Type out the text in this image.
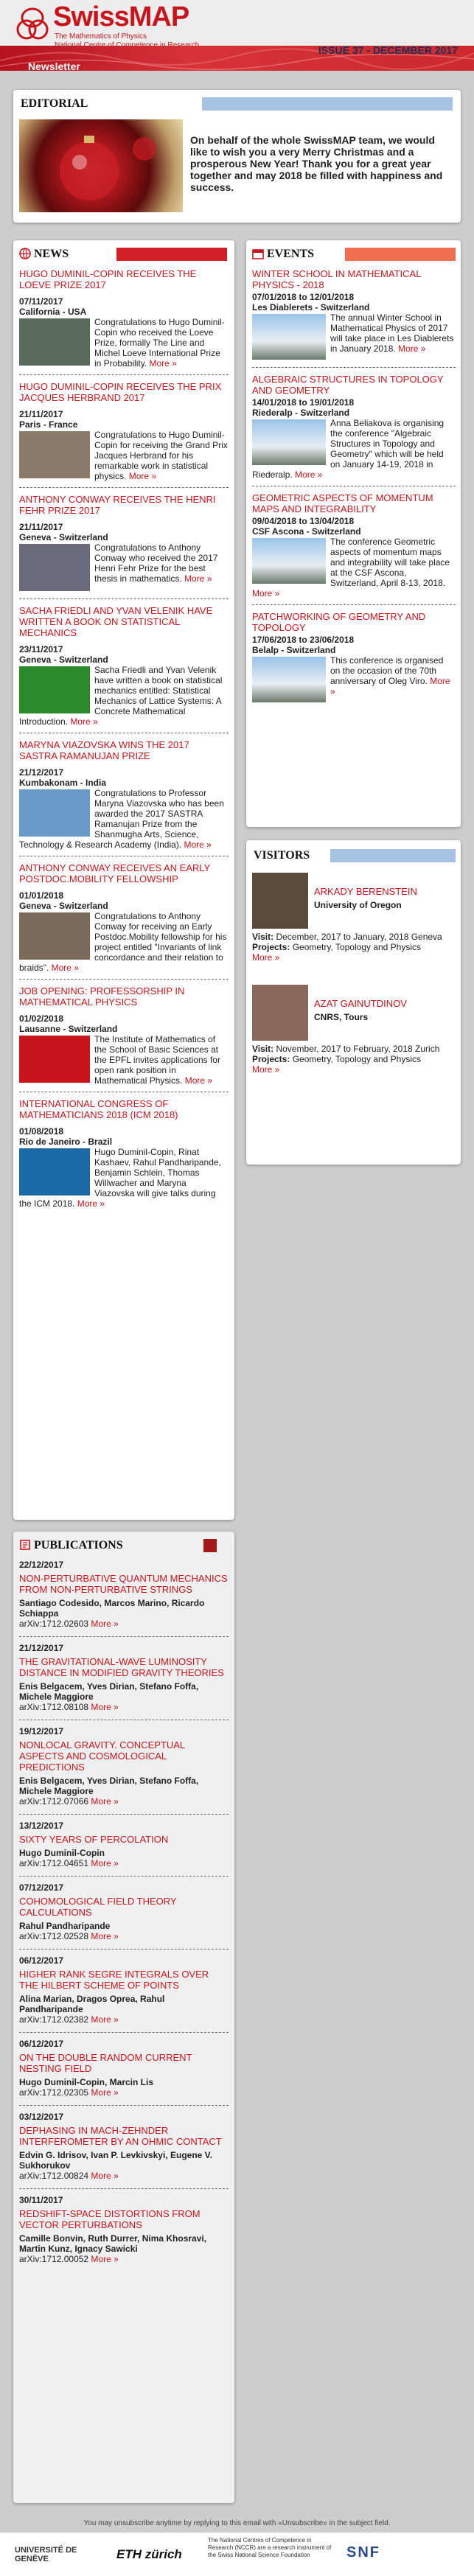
SwissMAP
The Mathematics of Physics
ISSUE 37 - DECEMBER 2017
Newsletter
EDITORIAL
On behalf of the whole SwissMAP team, we would like to wish you a very Merry Christmas and a prosperous New Year! Thank you for a great year together and may 2018 be filled with happiness and success.
NEWS
HUGO DUMINIL-COPIN RECEIVES THE LOEVE PRIZE 2017
07/11/2017
California - USA
Congratulations to Hugo Duminil-Copin who received the Loeve Prize, formally The Line and Michel Loeve International Prize in Probability. More »
HUGO DUMINIL-COPIN RECEIVES THE PRIX JACQUES HERBRAND 2017
21/11/2017
Paris - France
Congratulations to Hugo Duminil-Copin for receiving the Grand Prix Jacques Herbrand for his remarkable work in statistical physics. More »
ANTHONY CONWAY RECEIVES THE HENRI FEHR PRIZE 2017
21/11/2017
Geneva - Switzerland
Congratulations to Anthony Conway who received the 2017 Henri Fehr Prize for the best thesis in mathematics. More »
SACHA FRIEDLI AND YVAN VELENIK HAVE WRITTEN A BOOK ON STATISTICAL MECHANICS
23/11/2017
Geneva - Switzerland
Sacha Friedli and Yvan Velenik have written a book on statistical mechanics entitled: Statistical Mechanics of Lattice Systems: A Concrete Mathematical Introduction. More »
MARYNA VIAZOVSKA WINS THE 2017 SASTRA RAMANUJAN PRIZE
21/12/2017
Kumbakonam - India
Congratulations to Professor Maryna Viazovska who has been awarded the 2017 SASTRA Ramanujan Prize from the Shanmugha Arts, Science, Technology & Research Academy (India). More »
ANTHONY CONWAY RECEIVES AN EARLY POSTDOC.MOBILITY FELLOWSHIP
01/01/2018
Geneva - Switzerland
Congratulations to Anthony Conway for receiving an Early Postdoc.Mobility fellowship for his project entitled "Invariants of link concordance and their relation to braids". More »
JOB OPENING: PROFESSORSHIP IN MATHEMATICAL PHYSICS
01/02/2018
Lausanne - Switzerland
The Institute of Mathematics of the School of Basic Sciences at the EPFL invites applications for open rank position in Mathematical Physics. More »
INTERNATIONAL CONGRESS OF MATHEMATICIANS 2018 (ICM 2018)
01/08/2018
Rio de Janeiro - Brazil
Hugo Duminil-Copin, Rinat Kashaev, Rahul Pandharipande, Benjamin Schlein, Thomas Willwacher and Maryna Viazovska will give talks during the ICM 2018. More »
EVENTS
WINTER SCHOOL IN MATHEMATICAL PHYSICS - 2018
07/01/2018 to 12/01/2018
Les Diablerets - Switzerland
The annual Winter School in Mathematical Physics of 2017 will take place in Les Diablerets in January 2018. More »
ALGEBRAIC STRUCTURES IN TOPOLOGY AND GEOMETRY
14/01/2018 to 19/01/2018
Riederalp - Switzerland
Anna Beliakova is organising the conference "Algebraic Structures in Topology and Geometry" which will be held on January 14-19, 2018 in Riederalp. More »
GEOMETRIC ASPECTS OF MOMENTUM MAPS AND INTEGRABILITY
09/04/2018 to 13/04/2018
CSF Ascona - Switzerland
The conference Geometric aspects of momentum maps and integrability will take place at the CSF Ascona, Switzerland, April 8-13, 2018. More »
PATCHWORKING OF GEOMETRY AND TOPOLOGY
17/06/2018 to 23/06/2018
Belalp - Switzerland
This conference is organised on the occasion of the 70th anniversary of Oleg Viro. More »
VISITORS
ARKADY BERENSTEIN
University of Oregon
Visit: December, 2017 to January, 2018 Geneva
Projects: Geometry, Topology and Physics
More »
AZAT GAINUTDINOV
CNRS, Tours
Visit: November, 2017 to February, 2018 Zurich
Projects: Geometry, Topology and Physics
More »
PUBLICATIONS
22/12/2017
NON-PERTURBATIVE QUANTUM MECHANICS FROM NON-PERTURBATIVE STRINGS
Santiago Codesido, Marcos Marino, Ricardo Schiappa
arXiv:1712.02603 More »
21/12/2017
THE GRAVITATIONAL-WAVE LUMINOSITY DISTANCE IN MODIFIED GRAVITY THEORIES
Enis Belgacem, Yves Dirian, Stefano Foffa, Michele Maggiore
arXiv:1712.08108 More »
19/12/2017
NONLOCAL GRAVITY. CONCEPTUAL ASPECTS AND COSMOLOGICAL PREDICTIONS
Enis Belgacem, Yves Dirian, Stefano Foffa, Michele Maggiore
arXiv:1712.07066 More »
13/12/2017
SIXTY YEARS OF PERCOLATION
Hugo Duminil-Copin
arXiv:1712.04651 More »
07/12/2017
COHOMOLOGICAL FIELD THEORY CALCULATIONS
Rahul Pandharipande
arXiv:1712.02528 More »
06/12/2017
HIGHER RANK SEGRE INTEGRALS OVER THE HILBERT SCHEME OF POINTS
Alina Marian, Dragos Oprea, Rahul Pandharipande
arXiv:1712.02382 More »
06/12/2017
ON THE DOUBLE RANDOM CURRENT NESTING FIELD
Hugo Duminil-Copin, Marcin Lis
arXiv:1712.02305 More »
03/12/2017
DEPHASING IN MACH-ZEHNDER INTERFEROMETER BY AN OHMIC CONTACT
Edvin G. Idrisov, Ivan P. Levkivskyi, Eugene V. Sukhorukov
arXiv:1712.00824 More »
30/11/2017
REDSHIFT-SPACE DISTORTIONS FROM VECTOR PERTURBATIONS
Camille Bonvin, Ruth Durrer, Nima Khosravi, Martin Kunz, Ignacy Sawicki
arXiv:1712.00052 More »
You may unsubscribe anytime by replying to this email with «Unsubscribe» in the subject field.
UNIVERSITÉ DE GENÈVE	ETH zürich
The National Centres of Competence in Research (NCCR) are a research instrument of the Swiss National Science Foundation	SNF
